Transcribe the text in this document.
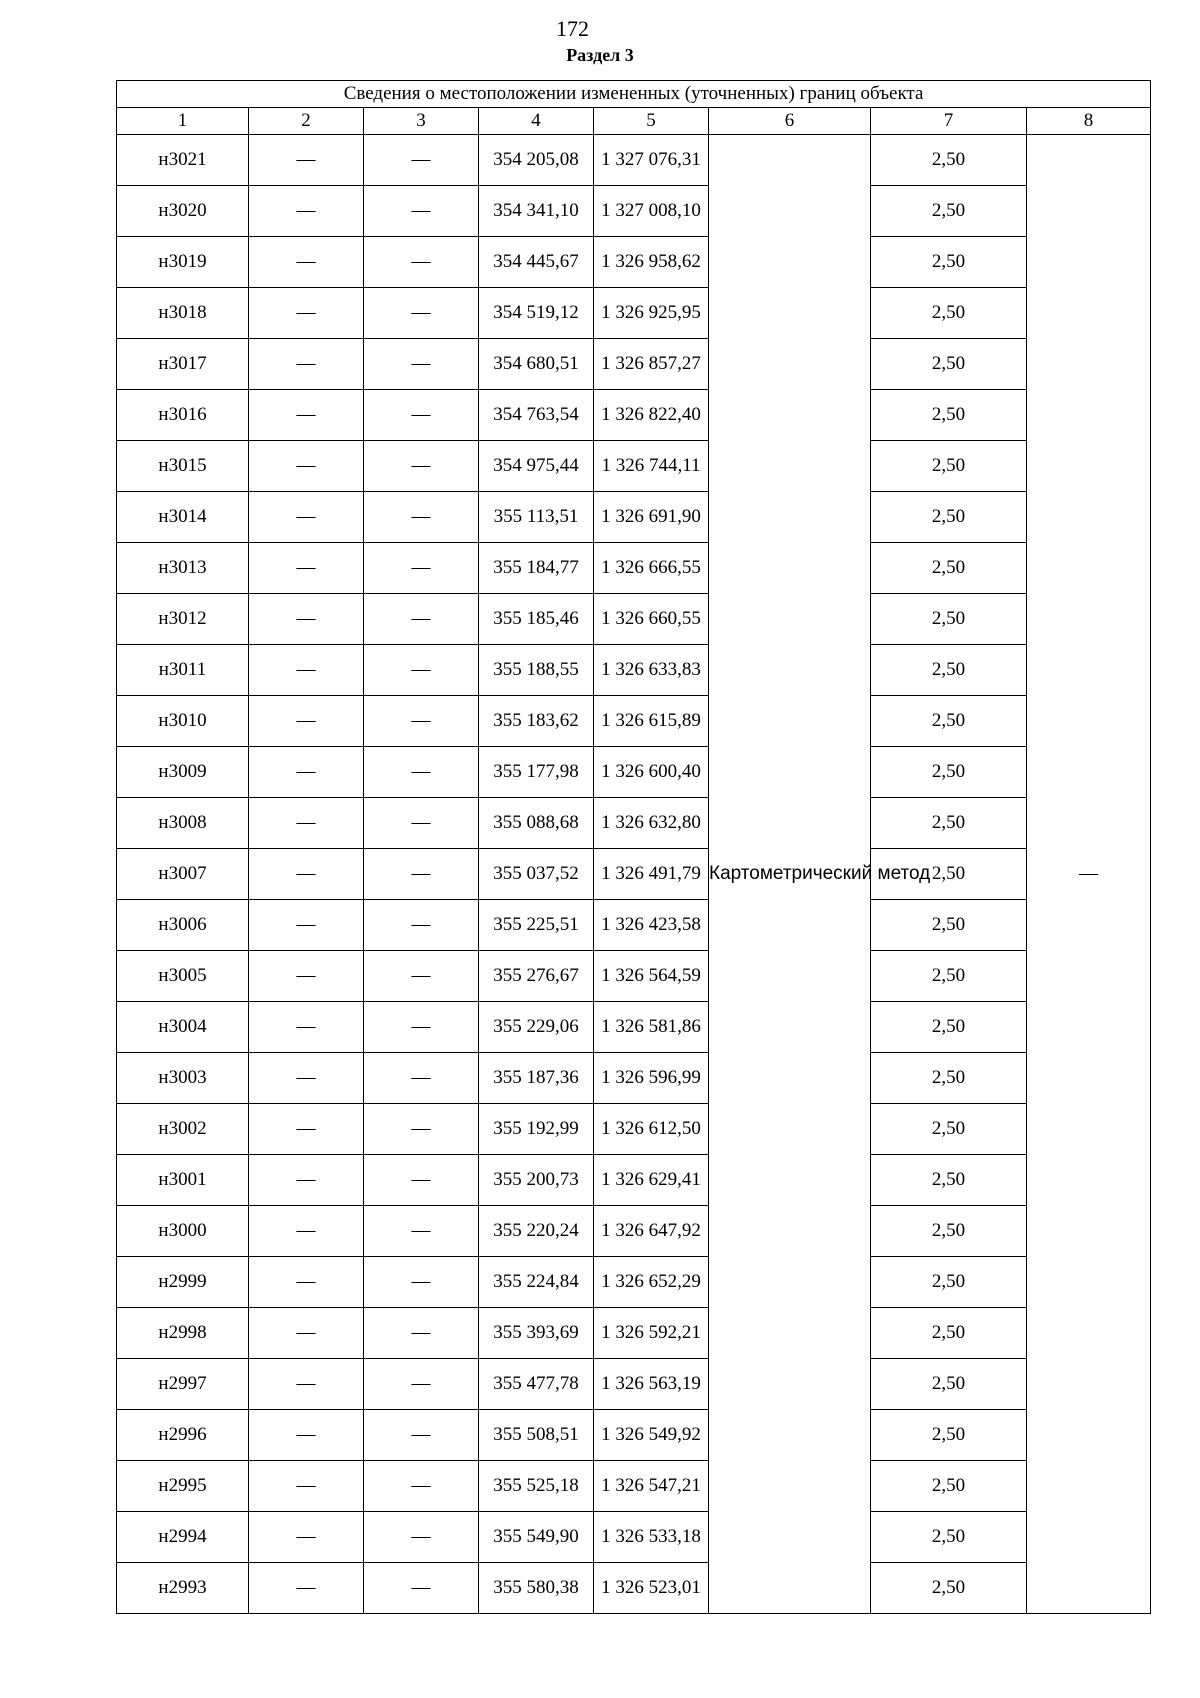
172
Раздел 3
Сведения о местоположении измененных (уточненных) границ объекта							
1	2	3	4	5	6	7	8
н3021	—	—	354 205,08	1 327 076,31	Картометрический метод	2,50	—
н3020	—	—	354 341,10	1 327 008,10		2,50	
н3019	—	—	354 445,67	1 326 958,62		2,50	
н3018	—	—	354 519,12	1 326 925,95		2,50	
н3017	—	—	354 680,51	1 326 857,27		2,50	
н3016	—	—	354 763,54	1 326 822,40		2,50	
н3015	—	—	354 975,44	1 326 744,11		2,50	
н3014	—	—	355 113,51	1 326 691,90		2,50	
н3013	—	—	355 184,77	1 326 666,55		2,50	
н3012	—	—	355 185,46	1 326 660,55		2,50	
н3011	—	—	355 188,55	1 326 633,83		2,50	
н3010	—	—	355 183,62	1 326 615,89		2,50	
н3009	—	—	355 177,98	1 326 600,40		2,50	
н3008	—	—	355 088,68	1 326 632,80		2,50	
н3007	—	—	355 037,52	1 326 491,79		2,50	
н3006	—	—	355 225,51	1 326 423,58		2,50	
н3005	—	—	355 276,67	1 326 564,59		2,50	
н3004	—	—	355 229,06	1 326 581,86		2,50	
н3003	—	—	355 187,36	1 326 596,99		2,50	
н3002	—	—	355 192,99	1 326 612,50		2,50	
н3001	—	—	355 200,73	1 326 629,41		2,50	
н3000	—	—	355 220,24	1 326 647,92		2,50	
н2999	—	—	355 224,84	1 326 652,29		2,50	
н2998	—	—	355 393,69	1 326 592,21		2,50	
н2997	—	—	355 477,78	1 326 563,19		2,50	
н2996	—	—	355 508,51	1 326 549,92		2,50	
н2995	—	—	355 525,18	1 326 547,21		2,50	
н2994	—	—	355 549,90	1 326 533,18		2,50	
н2993	—	—	355 580,38	1 326 523,01		2,50	
